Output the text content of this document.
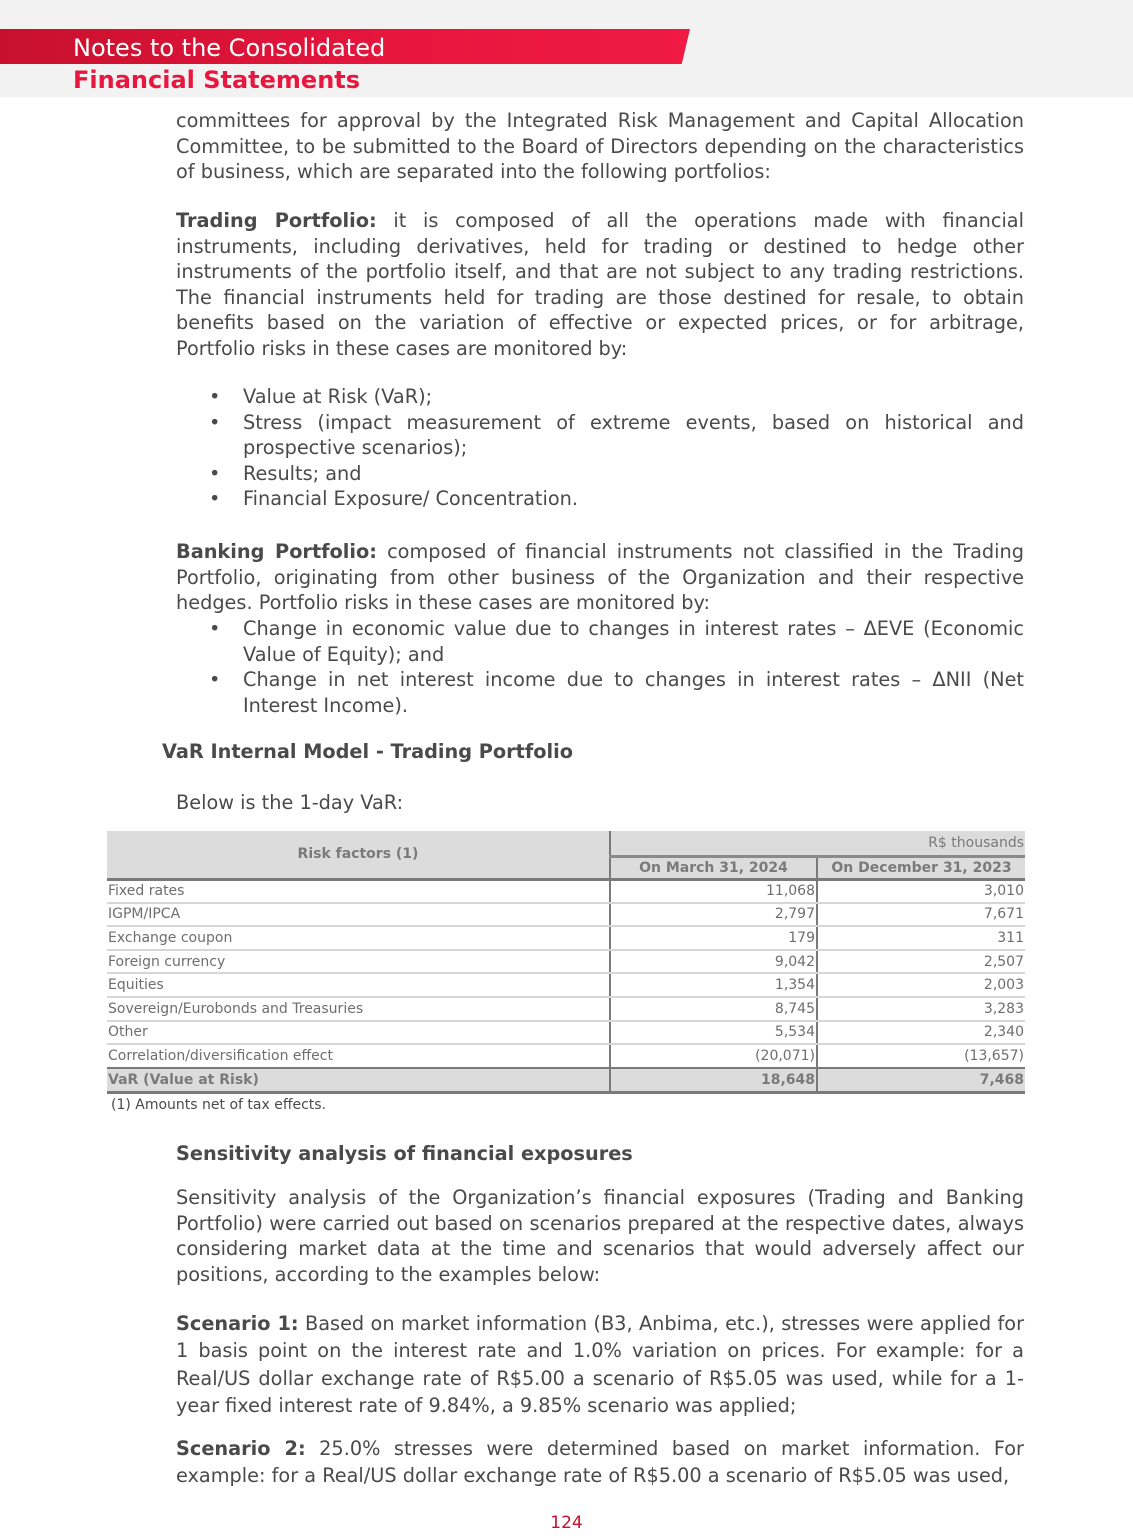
Notes to the Consolidated
Financial Statements

committees for approval by the Integrated Risk Management and Capital Allocation Committee, to be submitted to the Board of Directors depending on the characteristics of business, which are separated into the following portfolios:

Trading Portfolio: it is composed of all the operations made with financial instruments, including derivatives, held for trading or destined to hedge other instruments of the portfolio itself, and that are not subject to any trading restrictions. The financial instruments held for trading are those destined for resale, to obtain benefits based on the variation of effective or expected prices, or for arbitrage, Portfolio risks in these cases are monitored by:

• Value at Risk (VaR);
• Stress (impact measurement of extreme events, based on historical and prospective scenarios);
• Results; and
• Financial Exposure/ Concentration.

Banking Portfolio: composed of financial instruments not classified in the Trading Portfolio, originating from other business of the Organization and their respective hedges. Portfolio risks in these cases are monitored by:

• Change in economic value due to changes in interest rates – ΔEVE (Economic Value of Equity); and
• Change in net interest income due to changes in interest rates – ΔNII (Net Interest Income).
VaR Internal Model - Trading Portfolio

Below is the 1-day VaR:

Risk factors (1)	R$ thousands	
	On March 31, 2024	On December 31, 2023
Fixed rates	11,068	3,010
IGPM/IPCA	2,797	7,671
Exchange coupon	179	311
Foreign currency	9,042	2,507
Equities	1,354	2,003
Sovereign/Eurobonds and Treasuries	8,745	3,283
Other	5,534	2,340
Correlation/diversification effect	(20,071)	(13,657)
VaR (Value at Risk)	18,648	7,468
(1) Amounts net of tax effects.
Sensitivity analysis of financial exposures

Sensitivity analysis of the Organization’s financial exposures (Trading and Banking Portfolio) were carried out based on scenarios prepared at the respective dates, always considering market data at the time and scenarios that would adversely affect our positions, according to the examples below:

Scenario 1: Based on market information (B3, Anbima, etc.), stresses were applied for 1 basis point on the interest rate and 1.0% variation on prices. For example: for a Real/US dollar exchange rate of R$5.00 a scenario of R$5.05 was used, while for a 1-year fixed interest rate of 9.84%, a 9.85% scenario was applied;

Scenario 2: 25.0% stresses were determined based on market information. For example: for a Real/US dollar exchange rate of R$5.00 a scenario of R$5.05 was used,

124
